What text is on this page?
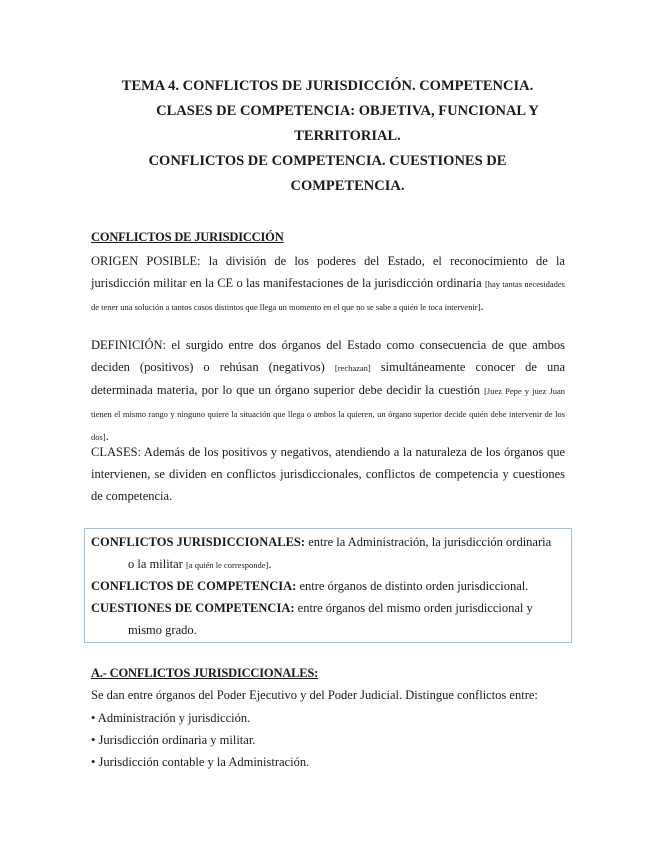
TEMA 4. CONFLICTOS DE JURISDICCIÓN. COMPETENCIA.
CLASES DE COMPETENCIA: OBJETIVA, FUNCIONAL Y
TERRITORIAL.
CONFLICTOS DE COMPETENCIA. CUESTIONES DE
COMPETENCIA.
CONFLICTOS DE JURISDICCIÓN
ORIGEN POSIBLE: la división de los poderes del Estado, el reconocimiento de la jurisdicción militar en la CE o las manifestaciones de la jurisdicción ordinaria [hay tantas necesidades de tener una solución a tantos casos distintos que llega un momento en el que no se sabe a quién le toca intervenir].
DEFINICIÓN: el surgido entre dos órganos del Estado como consecuencia de que ambos deciden (positivos) o rehúsan (negativos) [rechazan] simultáneamente conocer de una determinada materia, por lo que un órgano superior debe decidir la cuestión [Juez Pepe y juez Juan tienen el mismo rango y ninguno quiere la situación que llega o ambos la quieren, un órgano superior decide quién debe intervenir de los dos].
CLASES: Además de los positivos y negativos, atendiendo a la naturaleza de los órganos que intervienen, se dividen en conflictos jurisdiccionales, conflictos de competencia y cuestiones de competencia.
CONFLICTOS JURISDICCIONALES: entre la Administración, la jurisdicción ordinaria
o la militar [a quién le corresponde].
CONFLICTOS DE COMPETENCIA: entre órganos de distinto orden jurisdiccional.
CUESTIONES DE COMPETENCIA: entre órganos del mismo orden jurisdiccional y
mismo grado.
A.- CONFLICTOS JURISDICCIONALES:
Se dan entre órganos del Poder Ejecutivo y del Poder Judicial. Distingue conflictos entre:
• Administración y jurisdicción.
• Jurisdicción ordinaria y militar.
• Jurisdicción contable y la Administración.
